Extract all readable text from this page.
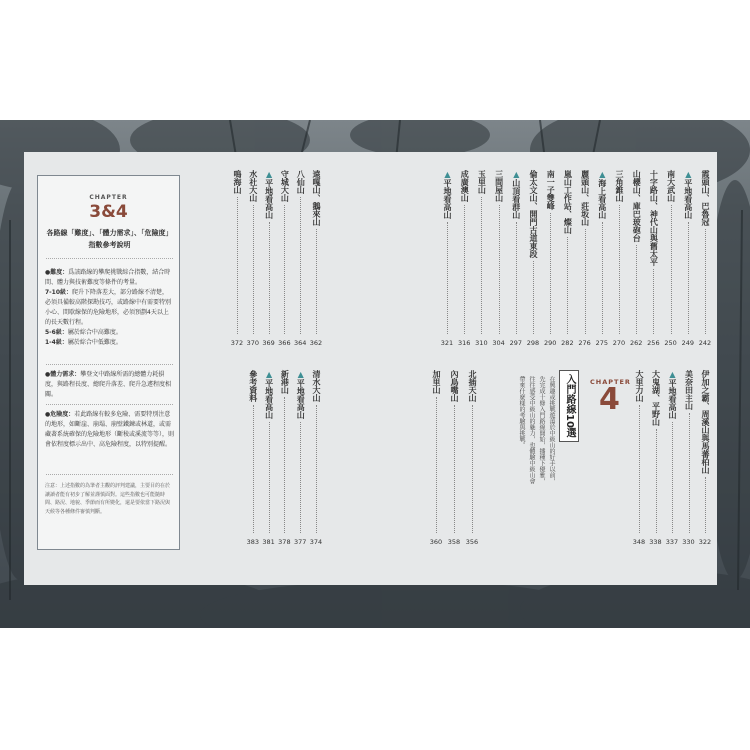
CHAPTER
3&4
各路線「難度」、「體力需求」、「危險度」
指數參考說明
●難度：爲該路線的攀爬挑戰綜合指數，結合時間、體力與技術難度等條件的考量。
7-10級：爬升下降落差大，部分路線不清楚，必須具備較高階探勘技巧，或路線中有需要特別小心、間歇線保的危險地形，必須預劃4天以上的長天數行程。
5-6級：屬於綜合中高難度。
1-4級：屬於綜合中低難度。
●體力需求：攀登文中路線所需的總體力耗損度，與路程長度、總爬升落差、爬升急遽程度相關。
●危險度：若此路線有較多危險、需要特別注意的地形，如斷崖、崩塌、崩壁鐵鍊或林道，或需藏著系統確保的危險地形（斷稜或溪流等等），則會依程度標示出中、高危險程度，以特別提醒。
注意：上述指數的為筆者主觀的評判建議，主要目的在於讓讀者能有初步了解並謹慎面對。這些指數也可能隨時間、路況、地貌、季節而有所變化，還是要依當下路況與天候等各種條件審慎判斷。
霞頭山、巴魯冠
242
▲平地看高山
249
南大武山
250
十字路山、神代山與舊太平
256
山櫻山、庫巴玻砲台
262
三角錐山
270
▲海上看高山
275
麗頭山、莊坂山
276
嵐山工作站、燦山
282
南一子雙峰
290
倫太文山、開門古道東段
298
▲山頂看群山
297
三間屋山
304
玉里山
310
成廣澳山
316
▲平地看高山
321
遠嘎山、鵝來山
362
八仙山
364
守城大山
366
▲平地看高山
369
水社大山
370
鳴海山
372
伊加之霸、周溪山與馬蕃柏山
322
美奈田主山
330
▲平地看高山
337
大鬼湖、平野山
338
大里力山
348
北插天山
356
內鳥嘴山
358
加里山
360
清水大山
374
▲平地看高山
377
新港山
378
▲平地看高山
381
參考資料
383
CHAPTER
4
入門路線10選
在興趣或挑戰遊蕩於中級山的好手以前，先完成十條入門路線開始，播種下優雅，往往感受中級山的魅力，也體驗中級山會帶來什麼樣的考驗與挑戰。
